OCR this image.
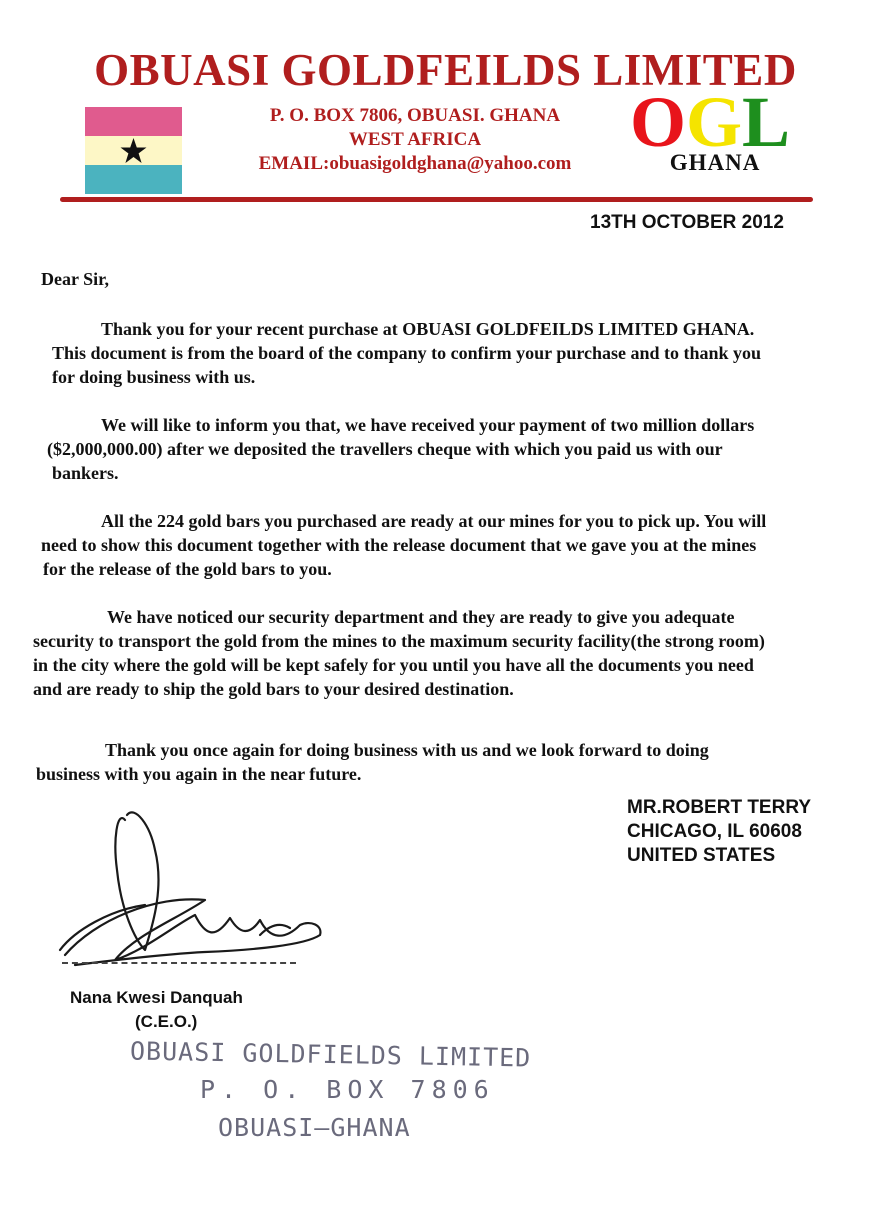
OBUASI GOLDFEILDS LIMITED
P. O. BOX 7806, OBUASI. GHANA
WEST AFRICA
EMAIL:obuasigoldghana@yahoo.com
OGL
GHANA
13TH OCTOBER 2012
Dear Sir,
Thank you for your recent purchase at OBUASI GOLDFEILDS LIMITED GHANA.
This document is from the board of the company to confirm your purchase and to thank you
for doing business with us.
We will like to inform you that, we have received your payment of two million dollars
($2,000,000.00) after we deposited the travellers cheque with which you paid us with our
bankers.
All the 224 gold bars you purchased are ready at our mines for you to pick up. You will
need to show this document together with the release document that we gave you at the mines
for the release of the gold bars to you.
We have noticed our security department and they are ready to give you adequate
security to transport the gold from the mines to the maximum security facility(the strong room)
in the city where the gold will be kept safely for you until you have all the documents you need
and are ready to ship the gold bars to your desired destination.
Thank you once again for doing business with us and we look forward to doing
business with you again in the near future.
MR.ROBERT TERRY
CHICAGO, IL 60608
UNITED STATES
Nana Kwesi Danquah
(C.E.O.)
OBUASI GOLDFIELDS LIMITED
P. O. BOX 7806
OBUASI—GHANA
